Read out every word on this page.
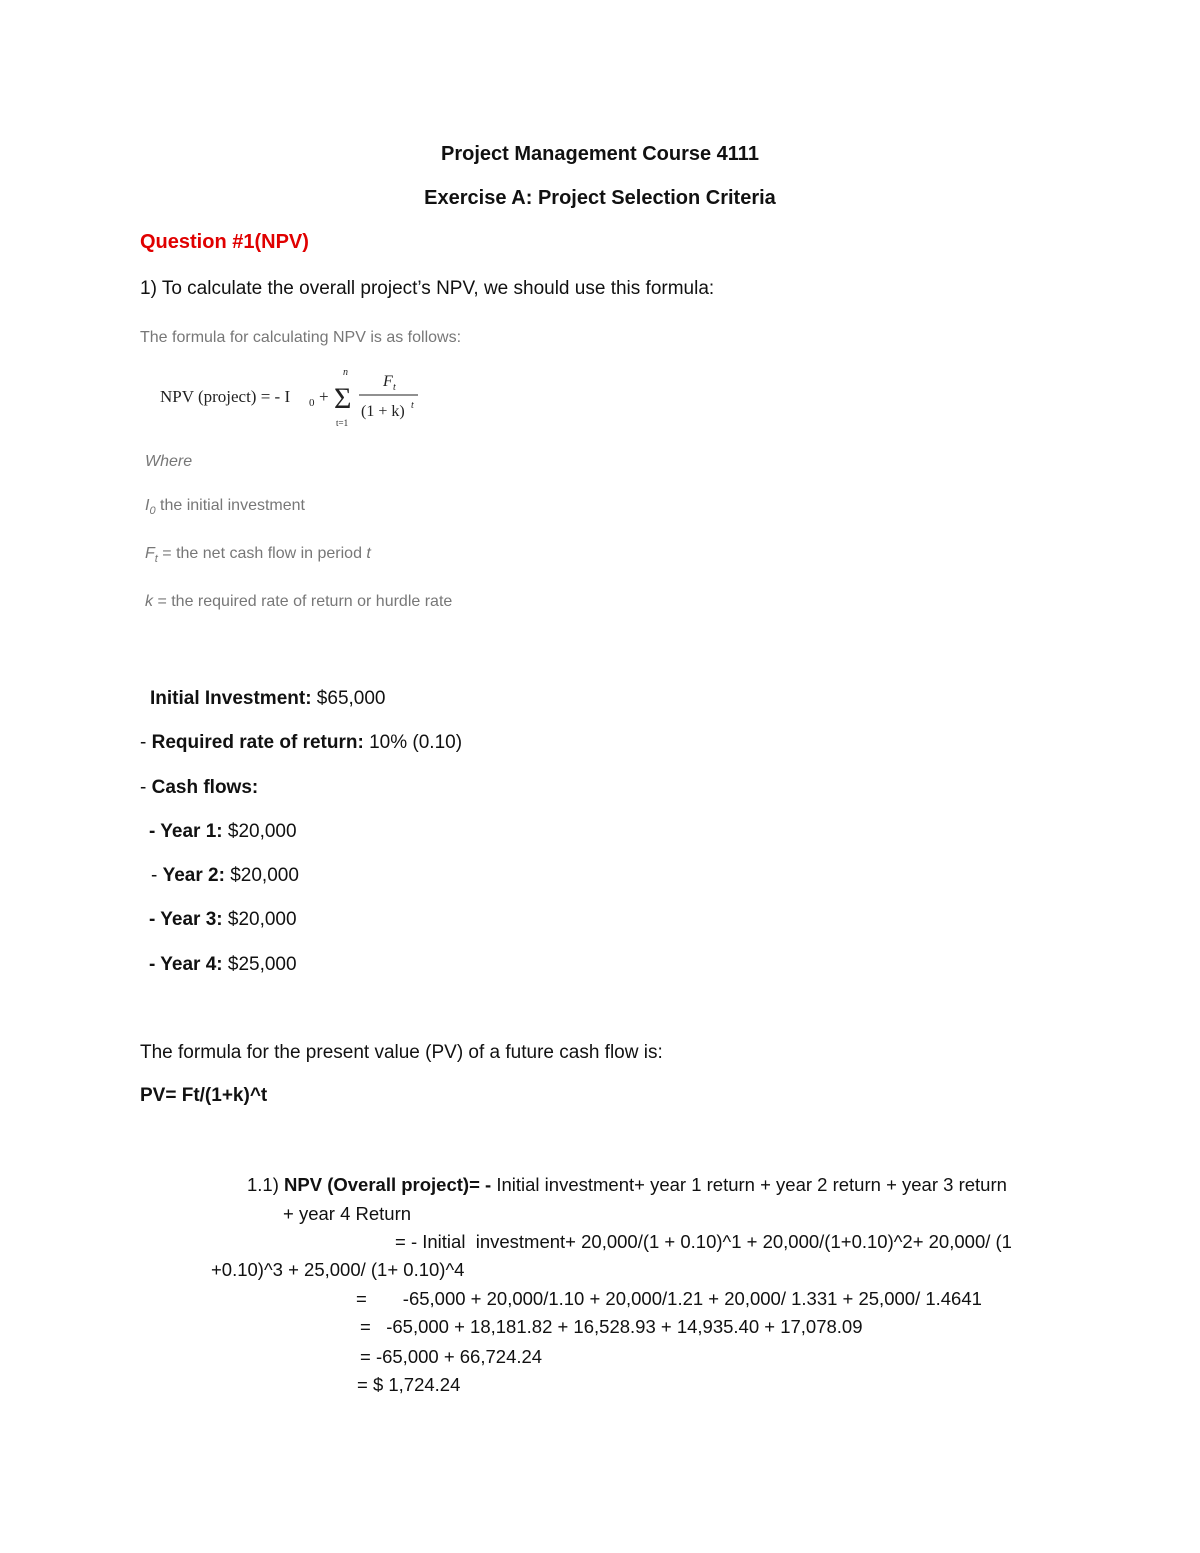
Project Management Course 4111
Exercise A: Project Selection Criteria
Question #1(NPV)
1) To calculate the overall project’s NPV, we should use this formula:
The formula for calculating NPV is as follows:
NPV (project) = - I 0 +
n
Σ
t=1
F t
(1 + k) t
Where
$I_0$ the initial investment
$F_t$ = the net cash flow in period t
k = the required rate of return or hurdle rate
Initial Investment: $65,000
- Required rate of return: 10% (0.10)
- Cash flows:
- Year 1: $20,000
- Year 2: $20,000
- Year 3: $20,000
- Year 4: $25,000
The formula for the present value (PV) of a future cash flow is:
PV= Ft/(1+k)^t
1.1) NPV (Overall project)= - Initial investment+ year 1 return + year 2 return + year 3 return
+ year 4 Return
= - Initial  investment+ 20,000/(1 + 0.10)^1 + 20,000/(1+0.10)^2+ 20,000/ (1
+0.10)^3 + 25,000/ (1+ 0.10)^4
=       -65,000 + 20,000/1.10 + 20,000/1.21 + 20,000/ 1.331 + 25,000/ 1.4641
=   -65,000 + 18,181.82 + 16,528.93 + 14,935.40 + 17,078.09
= -65,000 + 66,724.24
= $ 1,724.24
